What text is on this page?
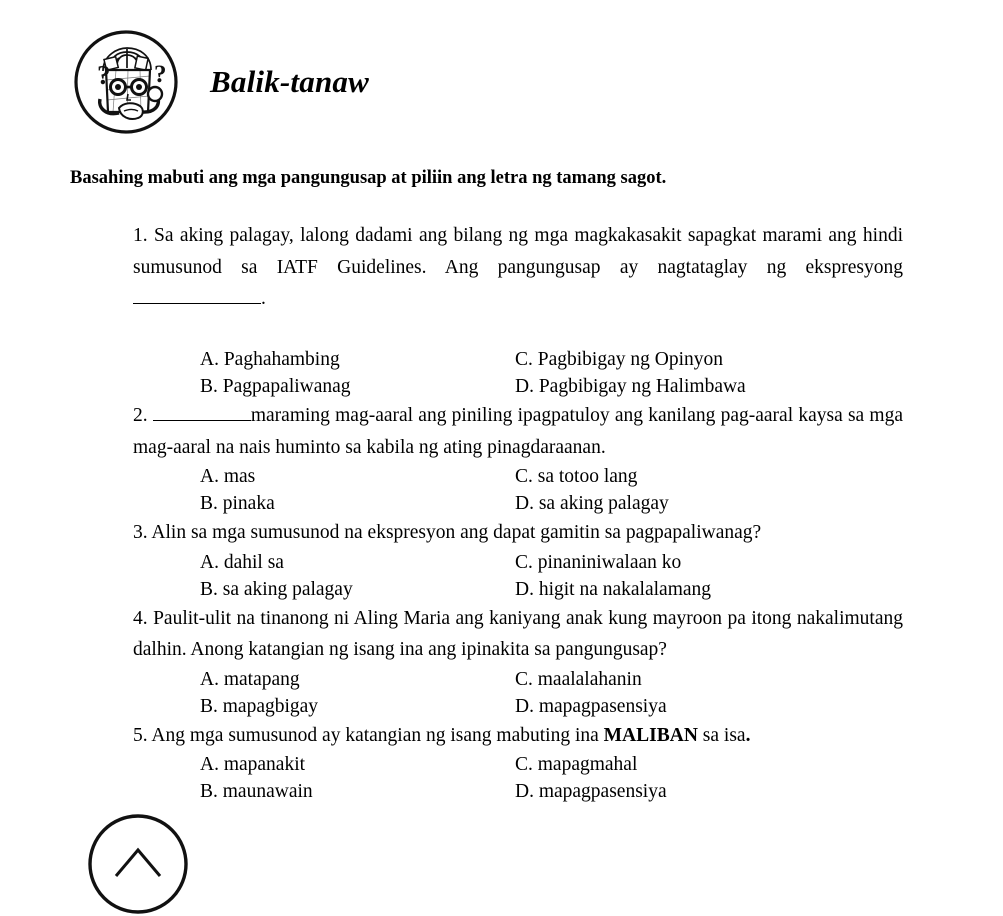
? ? Balik-tanaw
Basahing mabuti ang mga pangungusap at piliin ang letra ng tamang sagot.

1. Sa aking palagay, lalong dadami ang bilang ng mga magkakasakit sapagkat marami ang hindi sumusunod sa IATF Guidelines. Ang pangungusap ay nagtataglay ng ekspresyong .

A. Paghahambing	C. Pagbibigay ng Opinyon
B. Pagpapaliwanag	D. Pagbibigay ng Halimbawa

2.	maraming mag-aaral ang piniling ipagpatuloy ang kanilang pag-aaral kaysa sa mga mag-aaral na nais huminto sa kabila ng ating pinagdaraanan.

A. mas	C. sa totoo lang
B. pinaka	D. sa aking palagay

3. Alin sa mga sumusunod na ekspresyon ang dapat gamitin sa pagpapaliwanag?

A. dahil sa	C. pinaniniwalaan ko
B. sa aking palagay	D. higit na nakalalamang

4. Paulit-ulit na tinanong ni Aling Maria ang kaniyang anak kung mayroon pa itong nakalimutang dalhin. Anong katangian ng isang ina ang ipinakita sa pangungusap?

A. matapang	C. maalalahanin
B. mapagbigay	D. mapagpasensiya

5. Ang mga sumusunod ay katangian ng isang mabuting ina MALIBAN sa isa.

A. mapanakit	C. mapagmahal
B. maunawain	D. mapagpasensiya
